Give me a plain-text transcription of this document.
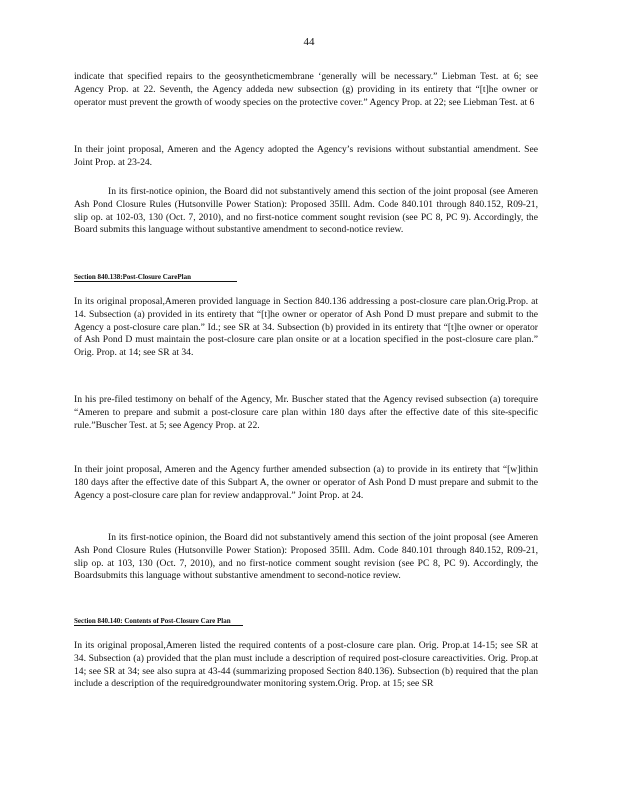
44
indicate that specified repairs to the geosyntheticmembrane ‘generally will be necessary.” Liebman Test. at 6; see Agency Prop. at 22. Seventh, the Agency addeda new subsection (g) providing in its entirety that “[t]he owner or operator must prevent the growth of woody species on the protective cover.” Agency Prop. at 22; see Liebman Test. at 6
In their joint proposal, Ameren and the Agency adopted the Agency’s revisions without substantial amendment. See Joint Prop. at 23-24.
In its first-notice opinion, the Board did not substantively amend this section of the joint proposal (see Ameren Ash Pond Closure Rules (Hutsonville Power Station): Proposed 35Ill. Adm. Code 840.101 through 840.152, R09-21, slip op. at 102-03, 130 (Oct. 7, 2010), and no first-notice comment sought revision (see PC 8, PC 9). Accordingly, the Board submits this language without substantive amendment to second-notice review.
Section 840.138:Post-Closure CarePlan
In its original proposal,Ameren provided language in Section 840.136 addressing a post-closure care plan.Orig.Prop. at 14. Subsection (a) provided in its entirety that “[t]he owner or operator of Ash Pond D must prepare and submit to the Agency a post-closure care plan.” Id.; see SR at 34. Subsection (b) provided in its entirety that “[t]he owner or operator of Ash Pond D must maintain the post-closure care plan onsite or at a location specified in the post-closure care plan.” Orig. Prop. at 14; see SR at 34.
In his pre-filed testimony on behalf of the Agency, Mr. Buscher stated that the Agency revised subsection (a) torequire “Ameren to prepare and submit a post-closure care plan within 180 days after the effective date of this site-specific rule.”Buscher Test. at 5; see Agency Prop. at 22.
In their joint proposal, Ameren and the Agency further amended subsection (a) to provide in its entirety that “[w]ithin 180 days after the effective date of this Subpart A, the owner or operator of Ash Pond D must prepare and submit to the Agency a post-closure care plan for review andapproval.” Joint Prop. at 24.
In its first-notice opinion, the Board did not substantively amend this section of the joint proposal (see Ameren Ash Pond Closure Rules (Hutsonville Power Station): Proposed 35Ill. Adm. Code 840.101 through 840.152, R09-21, slip op. at 103, 130 (Oct. 7, 2010), and no first-notice comment sought revision (see PC 8, PC 9). Accordingly, the Boardsubmits this language without substantive amendment to second-notice review.
Section 840.140: Contents of Post-Closure Care Plan
In its original proposal,Ameren listed the required contents of a post-closure care plan. Orig. Prop.at 14-15; see SR at 34. Subsection (a) provided that the plan must include a description of required post-closure careactivities. Orig. Prop.at 14; see SR at 34; see also supra at 43-44 (summarizing proposed Section 840.136). Subsection (b) required that the plan include a description of the requiredgroundwater monitoring system.Orig. Prop. at 15; see SR
